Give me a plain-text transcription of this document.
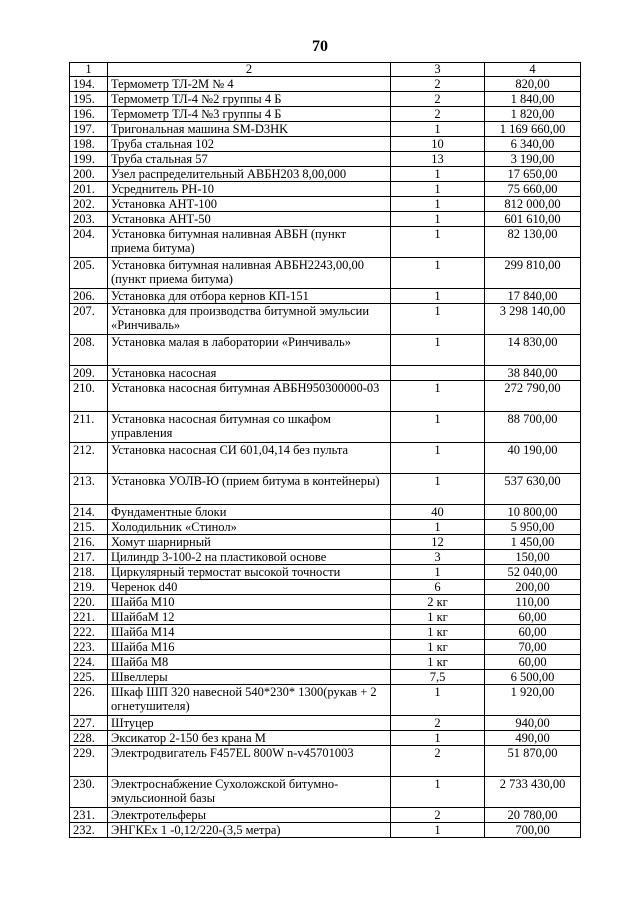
70
1	2	3	4
194.	Термометр ТЛ-2М № 4	2	820,00
195.	Термометр ТЛ-4 №2 группы 4 Б	2	1 840,00
196.	Термометр ТЛ-4 №3 группы 4 Б	2	1 820,00
197.	Тригональная машина SM-D3HK	1	1 169 660,00
198.	Труба стальная 102	10	6 340,00
199.	Труба стальная 57	13	3 190,00
200.	Узел распределительный АВБН203 8,00,000	1	17 650,00
201.	Усреднитель РН-10	1	75 660,00
202.	Установка АНТ-100	1	812 000,00
203.	Установка АНТ-50	1	601 610,00
204.	Установка битумная наливная АВБН (пункт приема битума)	1	82 130,00
205.	Установка битумная наливная АВБН2243,00,00 (пункт приема битума)	1	299 810,00
206.	Установка для отбора кернов КП-151	1	17 840,00
207.	Установка для производства битумной эмульсии «Ринчиваль»	1	3 298 140,00
208.	Установка малая в лаборатории «Ринчиваль»	1	14 830,00
209.	Установка насосная		38 840,00
210.	Установка насосная битумная АВБН950300000-03	1	272 790,00
211.	Установка насосная битумная со шкафом управления	1	88 700,00
212.	Установка насосная СИ 601,04,14 без пульта	1	40 190,00
213.	Установка УОЛВ-Ю (прием битума в контейнеры)	1	537 630,00
214.	Фундаментные блоки	40	10 800,00
215.	Холодильник «Стинол»	1	5 950,00
216.	Хомут шарнирный	12	1 450,00
217.	Цилиндр 3-100-2 на пластиковой основе	3	150,00
218.	Циркулярный термостат высокой точности	1	52 040,00
219.	Черенок d40	6	200,00
220.	Шайба М10	2 кг	110,00
221.	ШайбаМ 12	1 кг	60,00
222.	Шайба М14	1 кг	60,00
223.	Шайба М16	1 кг	70,00
224.	Шайба М8	1 кг	60,00
225.	Швеллеры	7,5	6 500,00
226.	Шкаф ШП 320 навесной 540*230* 1300(рукав + 2 огнетушителя)	1	1 920,00
227.	Штуцер	2	940,00
228.	Эксикатор 2-150 без крана М	1	490,00
229.	Электродвигатель F457EL 800W n-v45701003	2	51 870,00
230.	Электроснабжение Сухоложской битумно-эмульсионной базы	1	2 733 430,00
231.	Электротельферы	2	20 780,00
232.	ЭНГКЕх 1 -0,12/220-(3,5 метра)	1	700,00
